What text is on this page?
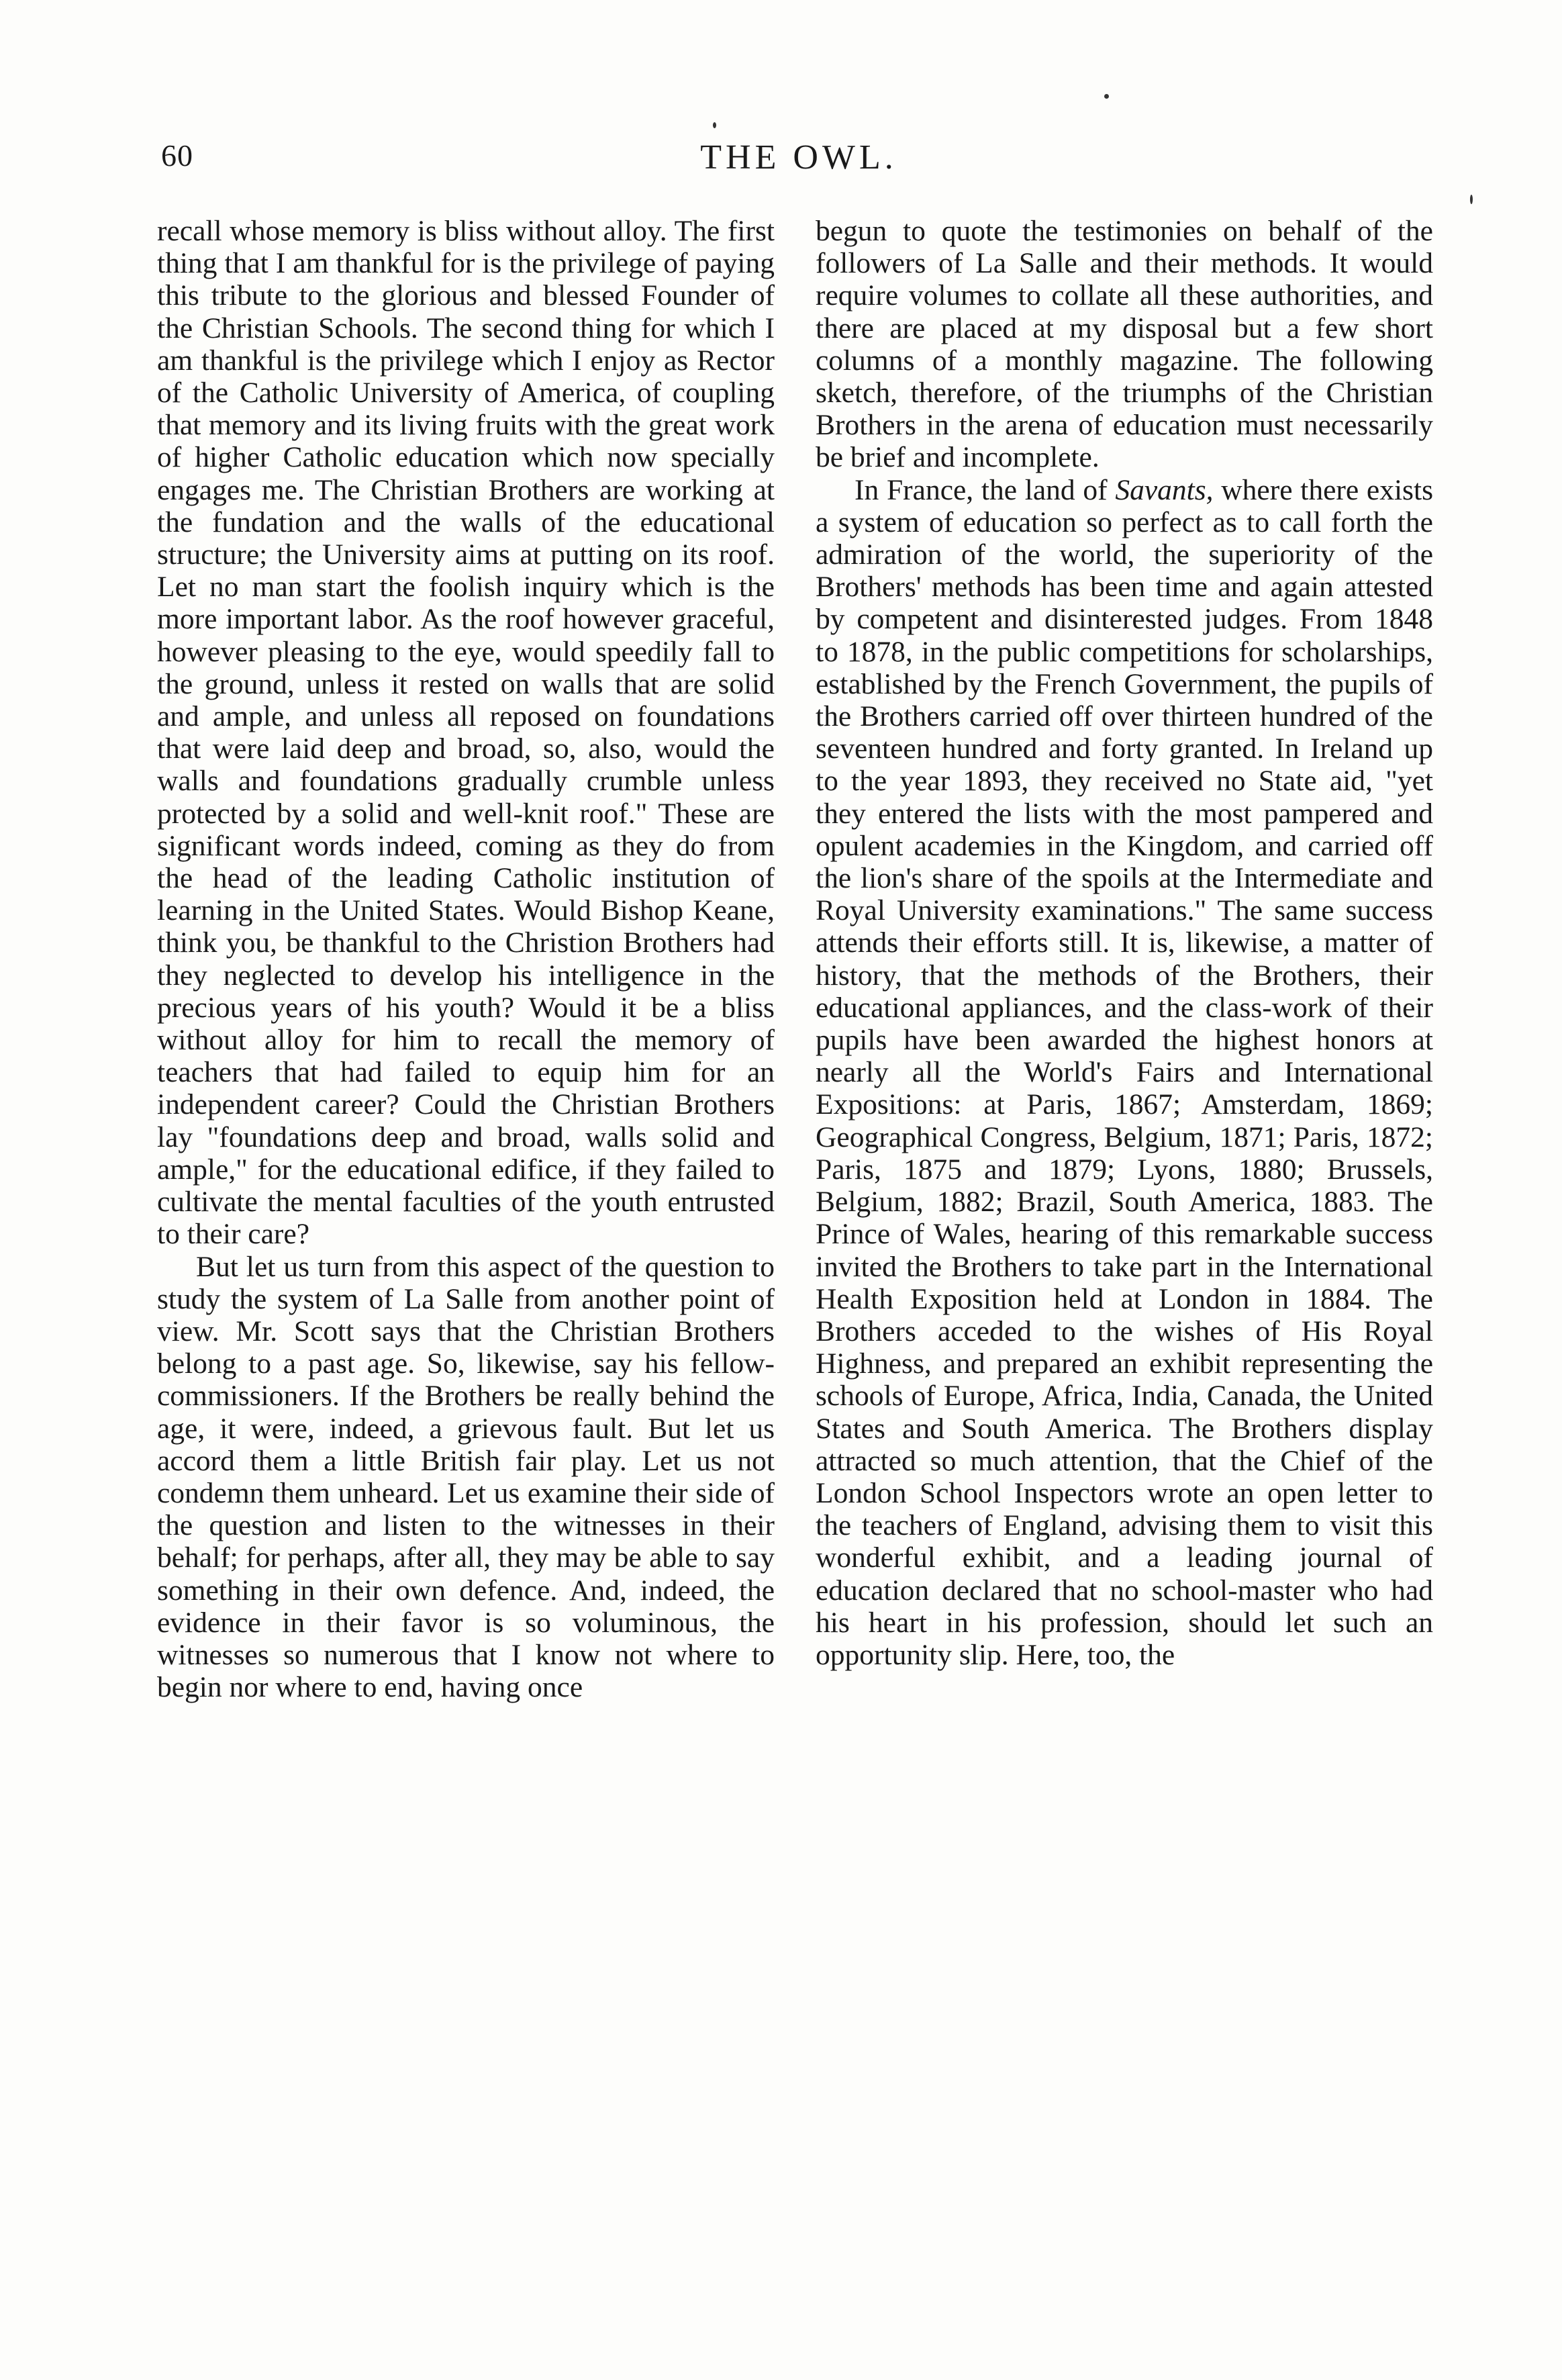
60	THE OWL.

recall whose memory is bliss without alloy. The first thing that I am thankful for is the privilege of paying this tribute to the glorious and blessed Founder of the Christian Schools. The second thing for which I am thankful is the privilege which I enjoy as Rector of the Catholic University of America, of coupling that memory and its living fruits with the great work of higher Catholic education which now specially engages me. The Christian Brothers are working at the fundation and the walls of the educational structure; the University aims at putting on its roof. Let no man start the foolish inquiry which is the more important labor. As the roof however graceful, however pleasing to the eye, would speedily fall to the ground, unless it rested on walls that are solid and ample, and unless all reposed on foundations that were laid deep and broad, so, also, would the walls and foundations gradually crumble unless protected by a solid and well-knit roof." These are significant words indeed, coming as they do from the head of the leading Catholic institution of learning in the United States. Would Bishop Keane, think you, be thankful to the Christion Brothers had they neglected to develop his intelligence in the precious years of his youth? Would it be a bliss without alloy for him to recall the memory of teachers that had failed to equip him for an independent career? Could the Christian Brothers lay "foundations deep and broad, walls solid and ample," for the educational edifice, if they failed to cultivate the mental faculties of the youth entrusted to their care?

But let us turn from this aspect of the question to study the system of La Salle from another point of view. Mr. Scott says that the Christian Brothers belong to a past age. So, likewise, say his fellow-commissioners. If the Brothers be really behind the age, it were, indeed, a grievous fault. But let us accord them a little British fair play. Let us not condemn them unheard. Let us examine their side of the question and listen to the witnesses in their behalf; for perhaps, after all, they may be able to say something in their own defence. And, indeed, the evidence in their favor is so voluminous, the witnesses so numerous that I know not where to begin nor where to end, having once

begun to quote the testimonies on behalf of the followers of La Salle and their methods. It would require volumes to collate all these authorities, and there are placed at my disposal but a few short columns of a monthly magazine. The following sketch, therefore, of the triumphs of the Christian Brothers in the arena of education must necessarily be brief and incomplete.

In France, the land of Savants, where there exists a system of education so perfect as to call forth the admiration of the world, the superiority of the Brothers' methods has been time and again attested by competent and disinterested judges. From 1848 to 1878, in the public competitions for scholarships, established by the French Government, the pupils of the Brothers carried off over thirteen hundred of the seventeen hundred and forty granted. In Ireland up to the year 1893, they received no State aid, "yet they entered the lists with the most pampered and opulent academies in the Kingdom, and carried off the lion's share of the spoils at the Intermediate and Royal University examinations." The same success attends their efforts still. It is, likewise, a matter of history, that the methods of the Brothers, their educational appliances, and the class-work of their pupils have been awarded the highest honors at nearly all the World's Fairs and International Expositions: at Paris, 1867; Amsterdam, 1869; Geographical Congress, Belgium, 1871; Paris, 1872; Paris, 1875 and 1879; Lyons, 1880; Brussels, Belgium, 1882; Brazil, South America, 1883. The Prince of Wales, hearing of this remarkable success invited the Brothers to take part in the International Health Exposition held at London in 1884. The Brothers acceded to the wishes of His Royal Highness, and prepared an exhibit representing the schools of Europe, Africa, India, Canada, the United States and South America. The Brothers display attracted so much attention, that the Chief of the London School Inspectors wrote an open letter to the teachers of England, advising them to visit this wonderful exhibit, and a leading journal of education declared that no school-master who had his heart in his profession, should let such an opportunity slip. Here, too, the
